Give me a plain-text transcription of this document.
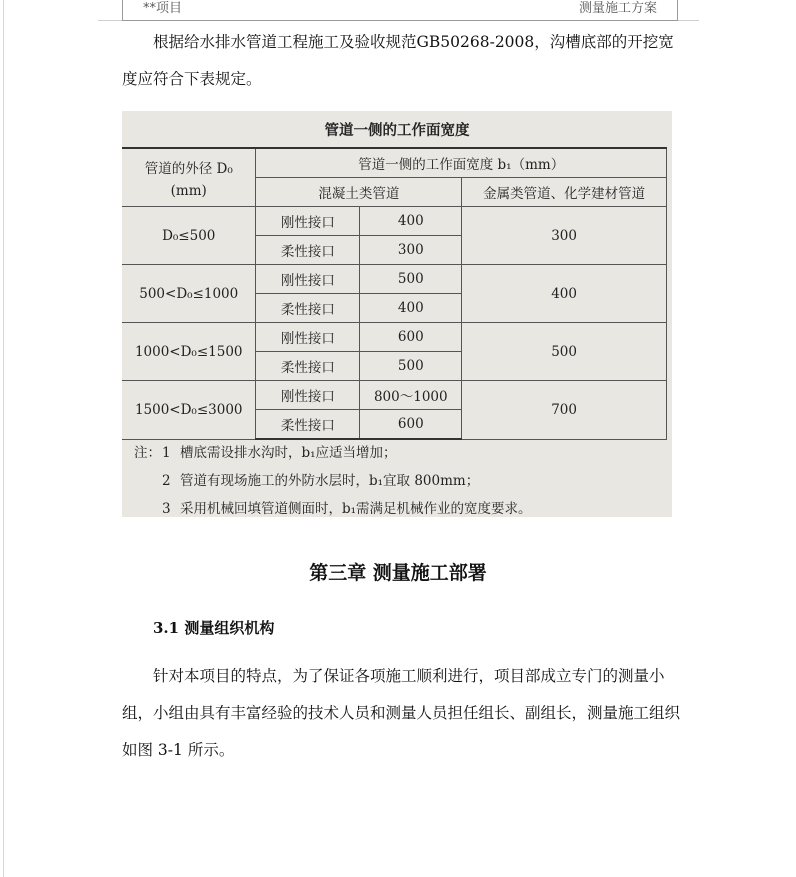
**项目	测量施工方案
根据给水排水管道工程施工及验收规范GB50268-2008，沟槽底部的开挖宽度应符合下表规定。
管道一侧的工作面宽度
管道的外径 D₀
(mm)	管道一侧的工作面宽度 b₁（mm）		
	混凝土类管道		金属类管道、化学建材管道
D₀≤500	刚性接口	400	300
	柔性接口	300	
500<D₀≤1000	刚性接口	500	400
	柔性接口	400	
1000<D₀≤1500	刚性接口	600	500
	柔性接口	500	
1500<D₀≤3000	刚性接口	800～1000	700
	柔性接口	600	
注： 1 槽底需设排水沟时，b₁应适当增加；
2 管道有现场施工的外防水层时，b₁宜取 800mm；
3 采用机械回填管道侧面时，b₁需满足机械作业的宽度要求。
第三章 测量施工部署
3.1 测量组织机构
针对本项目的特点，为了保证各项施工顺利进行，项目部成立专门的测量小组，小组由具有丰富经验的技术人员和测量人员担任组长、副组长，测量施工组织如图 3-1 所示。
